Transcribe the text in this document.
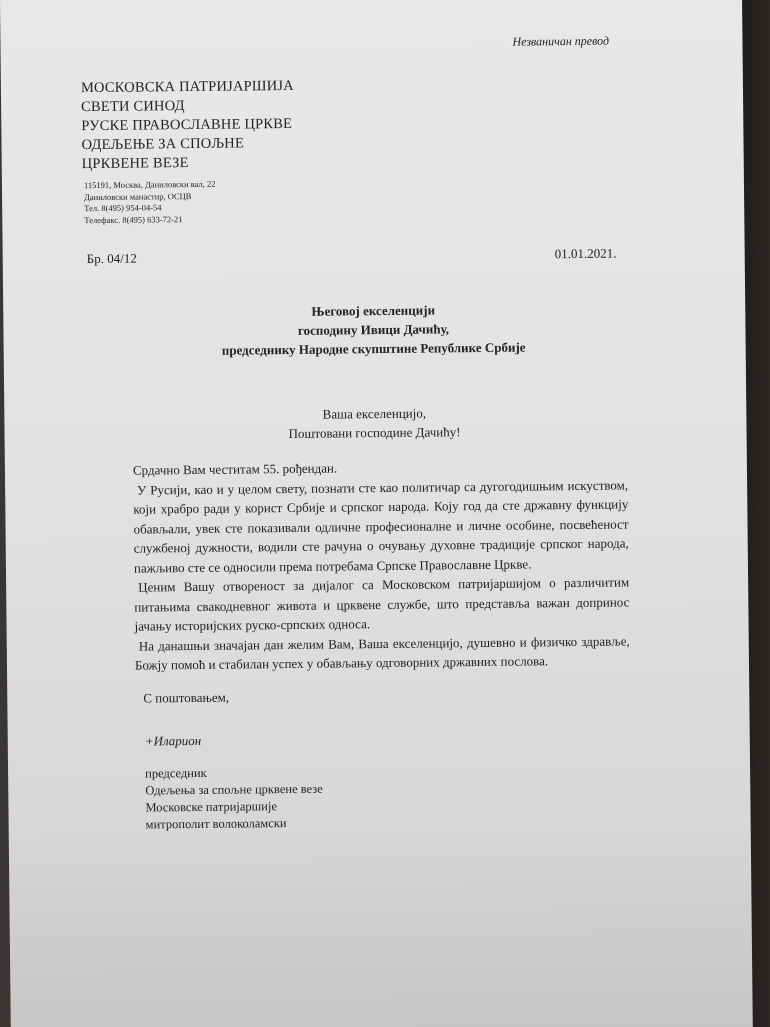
Незваничан превод
МОСКОВСКА ПАТРИЈАРШИЈА
СВЕТИ СИНОД
РУСКЕ ПРАВОСЛАВНЕ ЦРКВЕ
ОДЕЉЕЊЕ ЗА СПОЉНЕ
ЦРКВЕНЕ ВЕЗЕ
115191, Москва, Даниловски вал, 22
Даниловски манастир, ОСЦВ
Тел. 8(495) 954-04-54
Телефакс. 8(495) 633-72-21
Бр. 04/12	01.01.2021.
Његовој екселенцији
господину Ивици Дачићу,
председнику Народне скупштине Републике Србије
Ваша екселенцијо,
Поштовани господине Дачићу!

Срдачно Вам честитам 55. рођендан.

У Русији, као и у целом свету, познати сте као политичар са дугогодишњим искуством, који храбро ради у корист Србије и српског народа. Коју год да сте државну функцију обављали, увек сте показивали одличне професионалне и личне особине, посвећеност службеној дужности, водили сте рачуна о очувању духовне традиције српског народа, пажљиво сте се односили према потребама Српске Православне Цркве.

Ценим Вашу отвореност за дијалог са Московском патријаршијом о различитим питањима свакодневног живота и црквене службе, што представља важан допринос јачању историјских руско-српских односа.

На данашњи значајан дан желим Вам, Ваша екселенцијо, душевно и физичко здравље, Божју помоћ и стабилан успех у обављању одговорних државних послова.

С поштовањем,
+Иларион
председник
Одељења за спољне црквене везе
Московске патријаршије
митрополит волоколамски
